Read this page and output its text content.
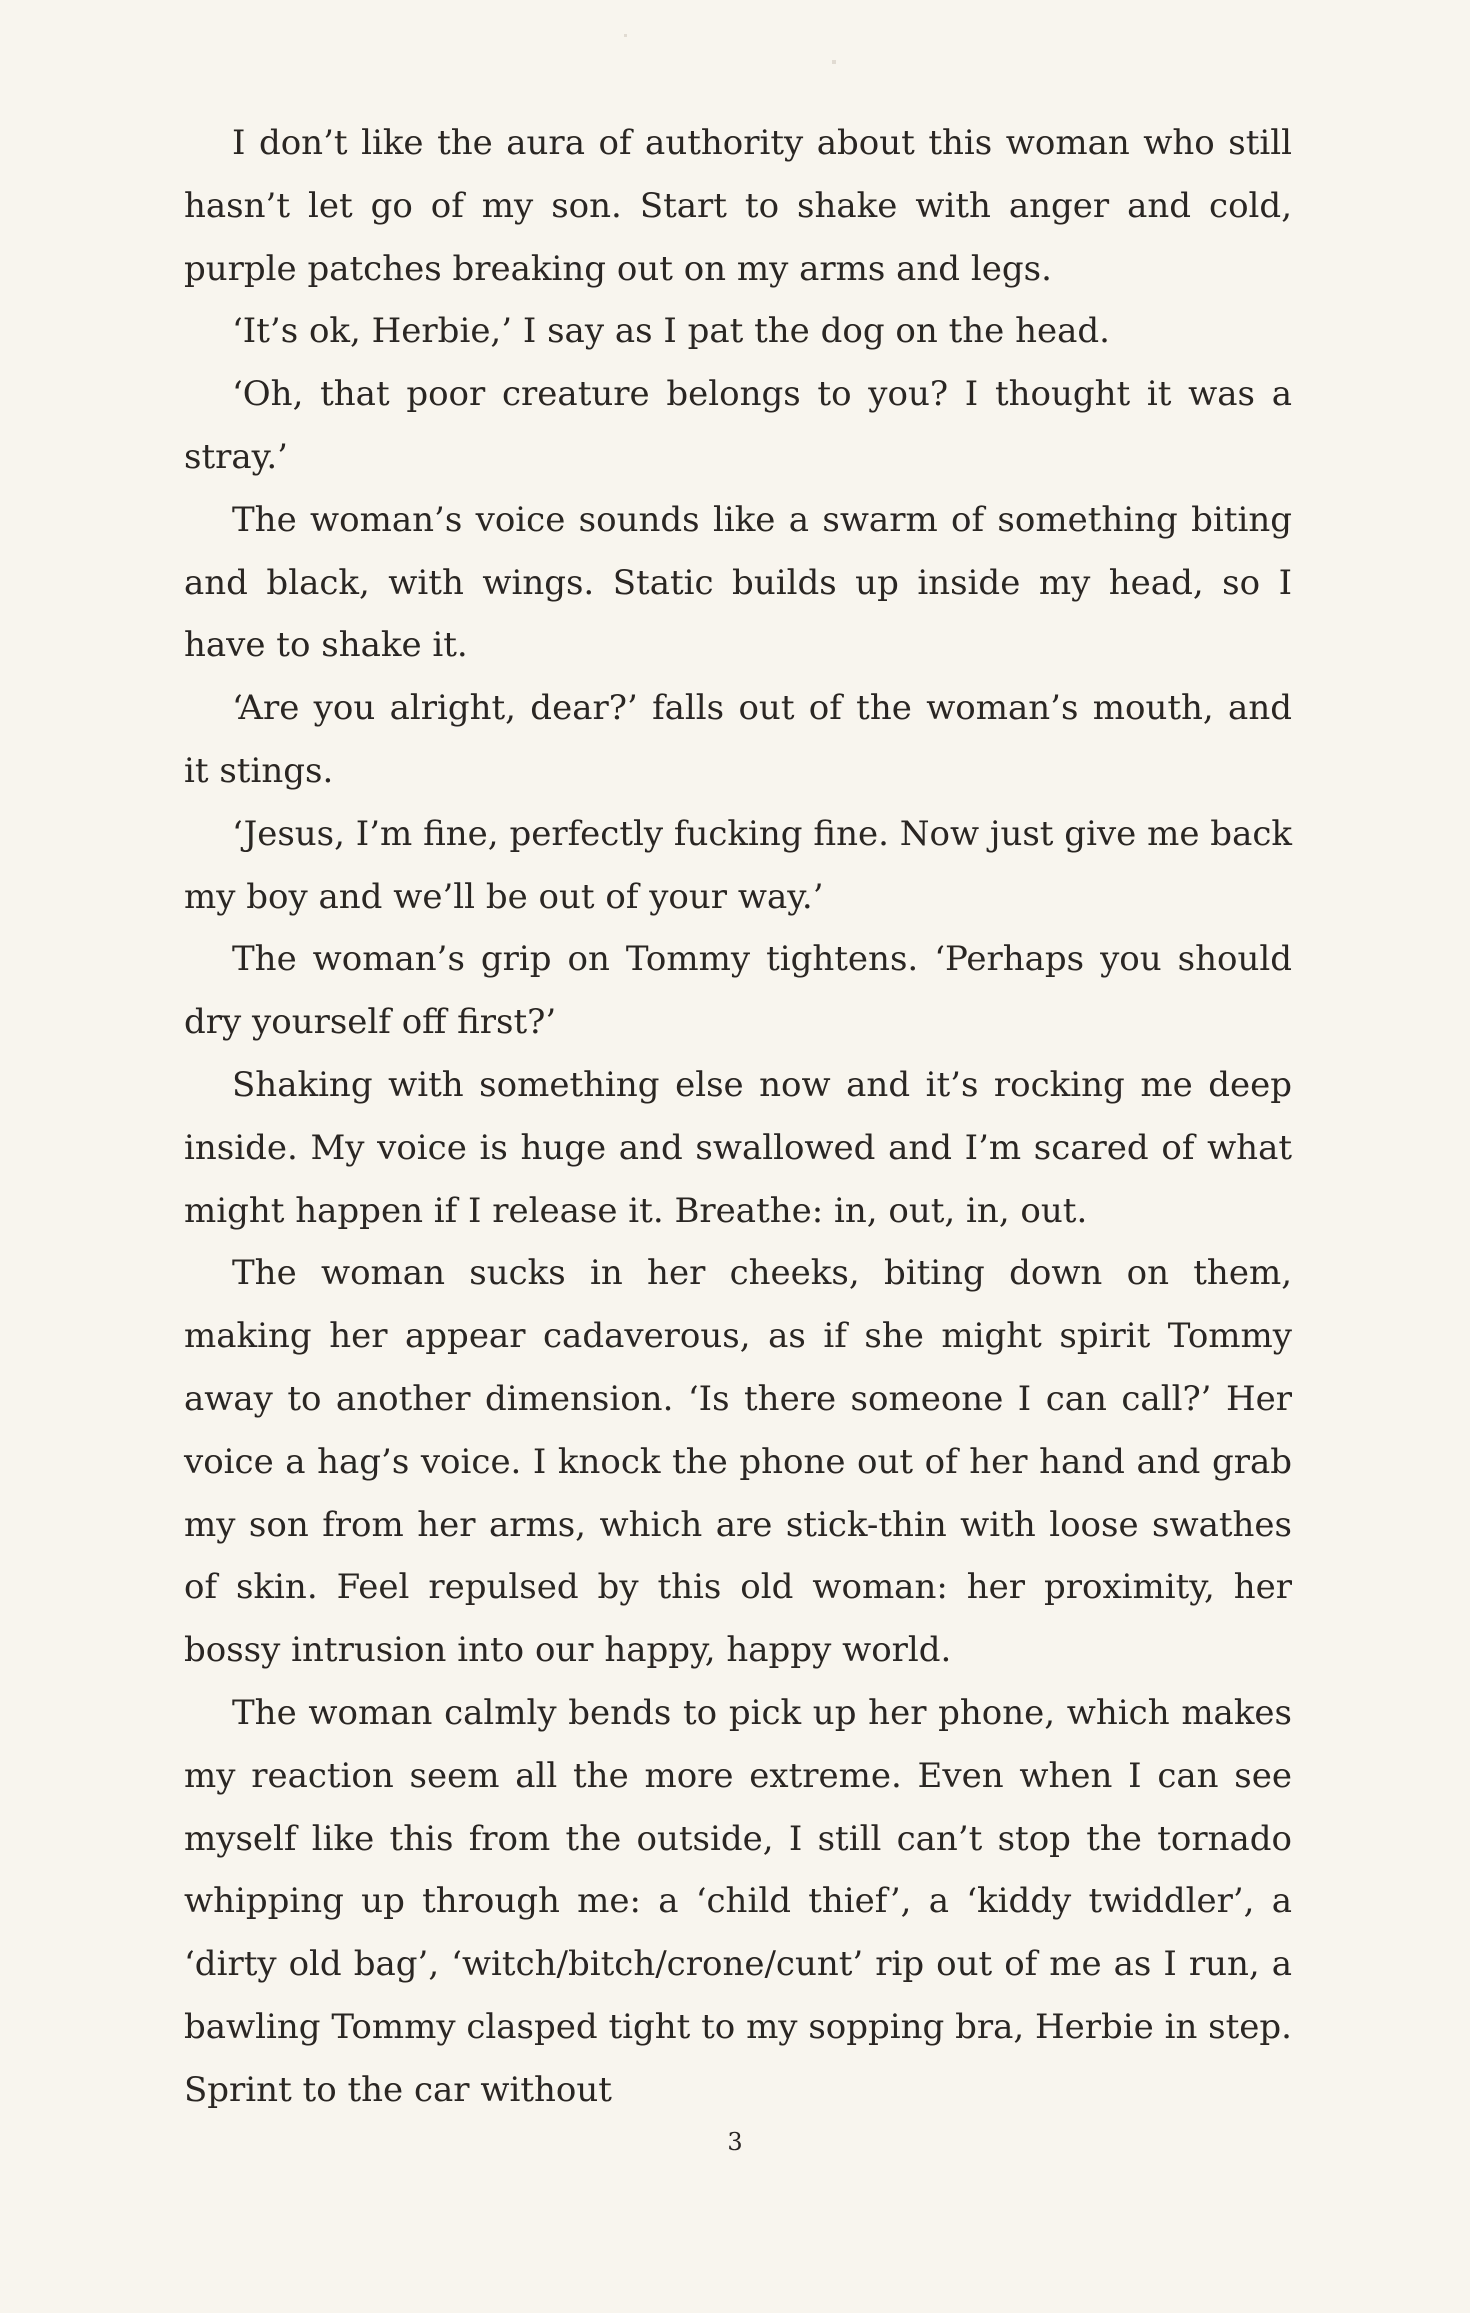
I don’t like the aura of authority about this woman who still hasn’t let go of my son. Start to shake with anger and cold, purple patches breaking out on my arms and legs.

‘It’s ok, Herbie,’ I say as I pat the dog on the head.

‘Oh, that poor creature belongs to you? I thought it was a stray.’

The woman’s voice sounds like a swarm of something biting and black, with wings. Static builds up inside my head, so I have to shake it.

‘Are you alright, dear?’ falls out of the woman’s mouth, and it stings.

‘Jesus, I’m fine, perfectly fucking fine. Now just give me back my boy and we’ll be out of your way.’

The woman’s grip on Tommy tightens. ‘Perhaps you should dry yourself off first?’

Shaking with something else now and it’s rocking me deep inside. My voice is huge and swallowed and I’m scared of what might happen if I release it. Breathe: in, out, in, out.

The woman sucks in her cheeks, biting down on them, making her appear cadaverous, as if she might spirit Tommy away to another dimension. ‘Is there someone I can call?’ Her voice a hag’s voice. I knock the phone out of her hand and grab my son from her arms, which are stick-thin with loose swathes of skin. Feel repulsed by this old woman: her proximity, her bossy intrusion into our happy, happy world.

The woman calmly bends to pick up her phone, which makes my reaction seem all the more extreme. Even when I can see myself like this from the outside, I still can’t stop the tornado whipping up through me: a ‘child thief’, a ‘kiddy twiddler’, a ‘dirty old bag’, ‘witch/bitch/crone/cunt’ rip out of me as I run, a bawling Tommy clasped tight to my sopping bra, Herbie in step. Sprint to the car without

3
